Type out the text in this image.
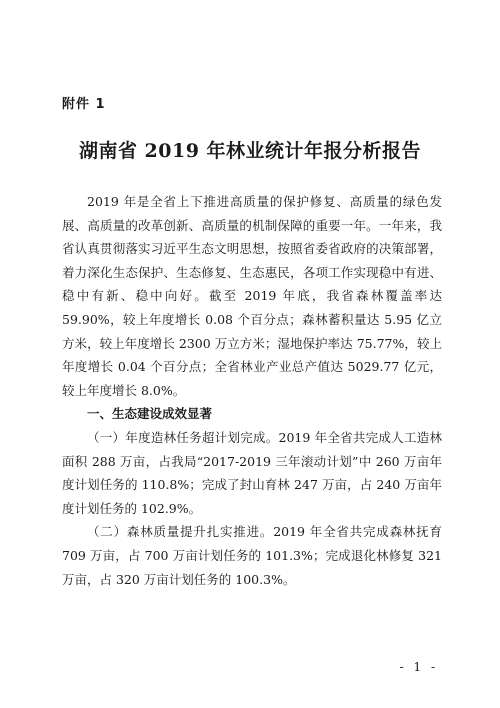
附件 1
湖南省 2019 年林业统计年报分析报告

2019 年是全省上下推进高质量的保护修复、高质量的绿色发展、高质量的改革创新、高质量的机制保障的重要一年。一年来，我省认真贯彻落实习近平生态文明思想，按照省委省政府的决策部署，着力深化生态保护、生态修复、生态惠民，各项工作实现稳中有进、稳中有新、稳中向好。截至 2019 年底，我省森林覆盖率达 59.90%，较上年度增长 0.08 个百分点；森林蓄积量达 5.95 亿立方米，较上年度增长 2300 万立方米；湿地保护率达 75.77%，较上年度增长 0.04 个百分点；全省林业产业总产值达 5029.77 亿元，较上年度增长 8.0%。

一、生态建设成效显著

（一）年度造林任务超计划完成。2019 年全省共完成人工造林面积 288 万亩，占我局“2017-2019 三年滚动计划”中 260 万亩年度计划任务的 110.8%；完成了封山育林 247 万亩，占 240 万亩年度计划任务的 102.9%。

（二）森林质量提升扎实推进。2019 年全省共完成森林抚育 709 万亩，占 700 万亩计划任务的 101.3%；完成退化林修复 321 万亩，占 320 万亩计划任务的 100.3%。

- 1 -
